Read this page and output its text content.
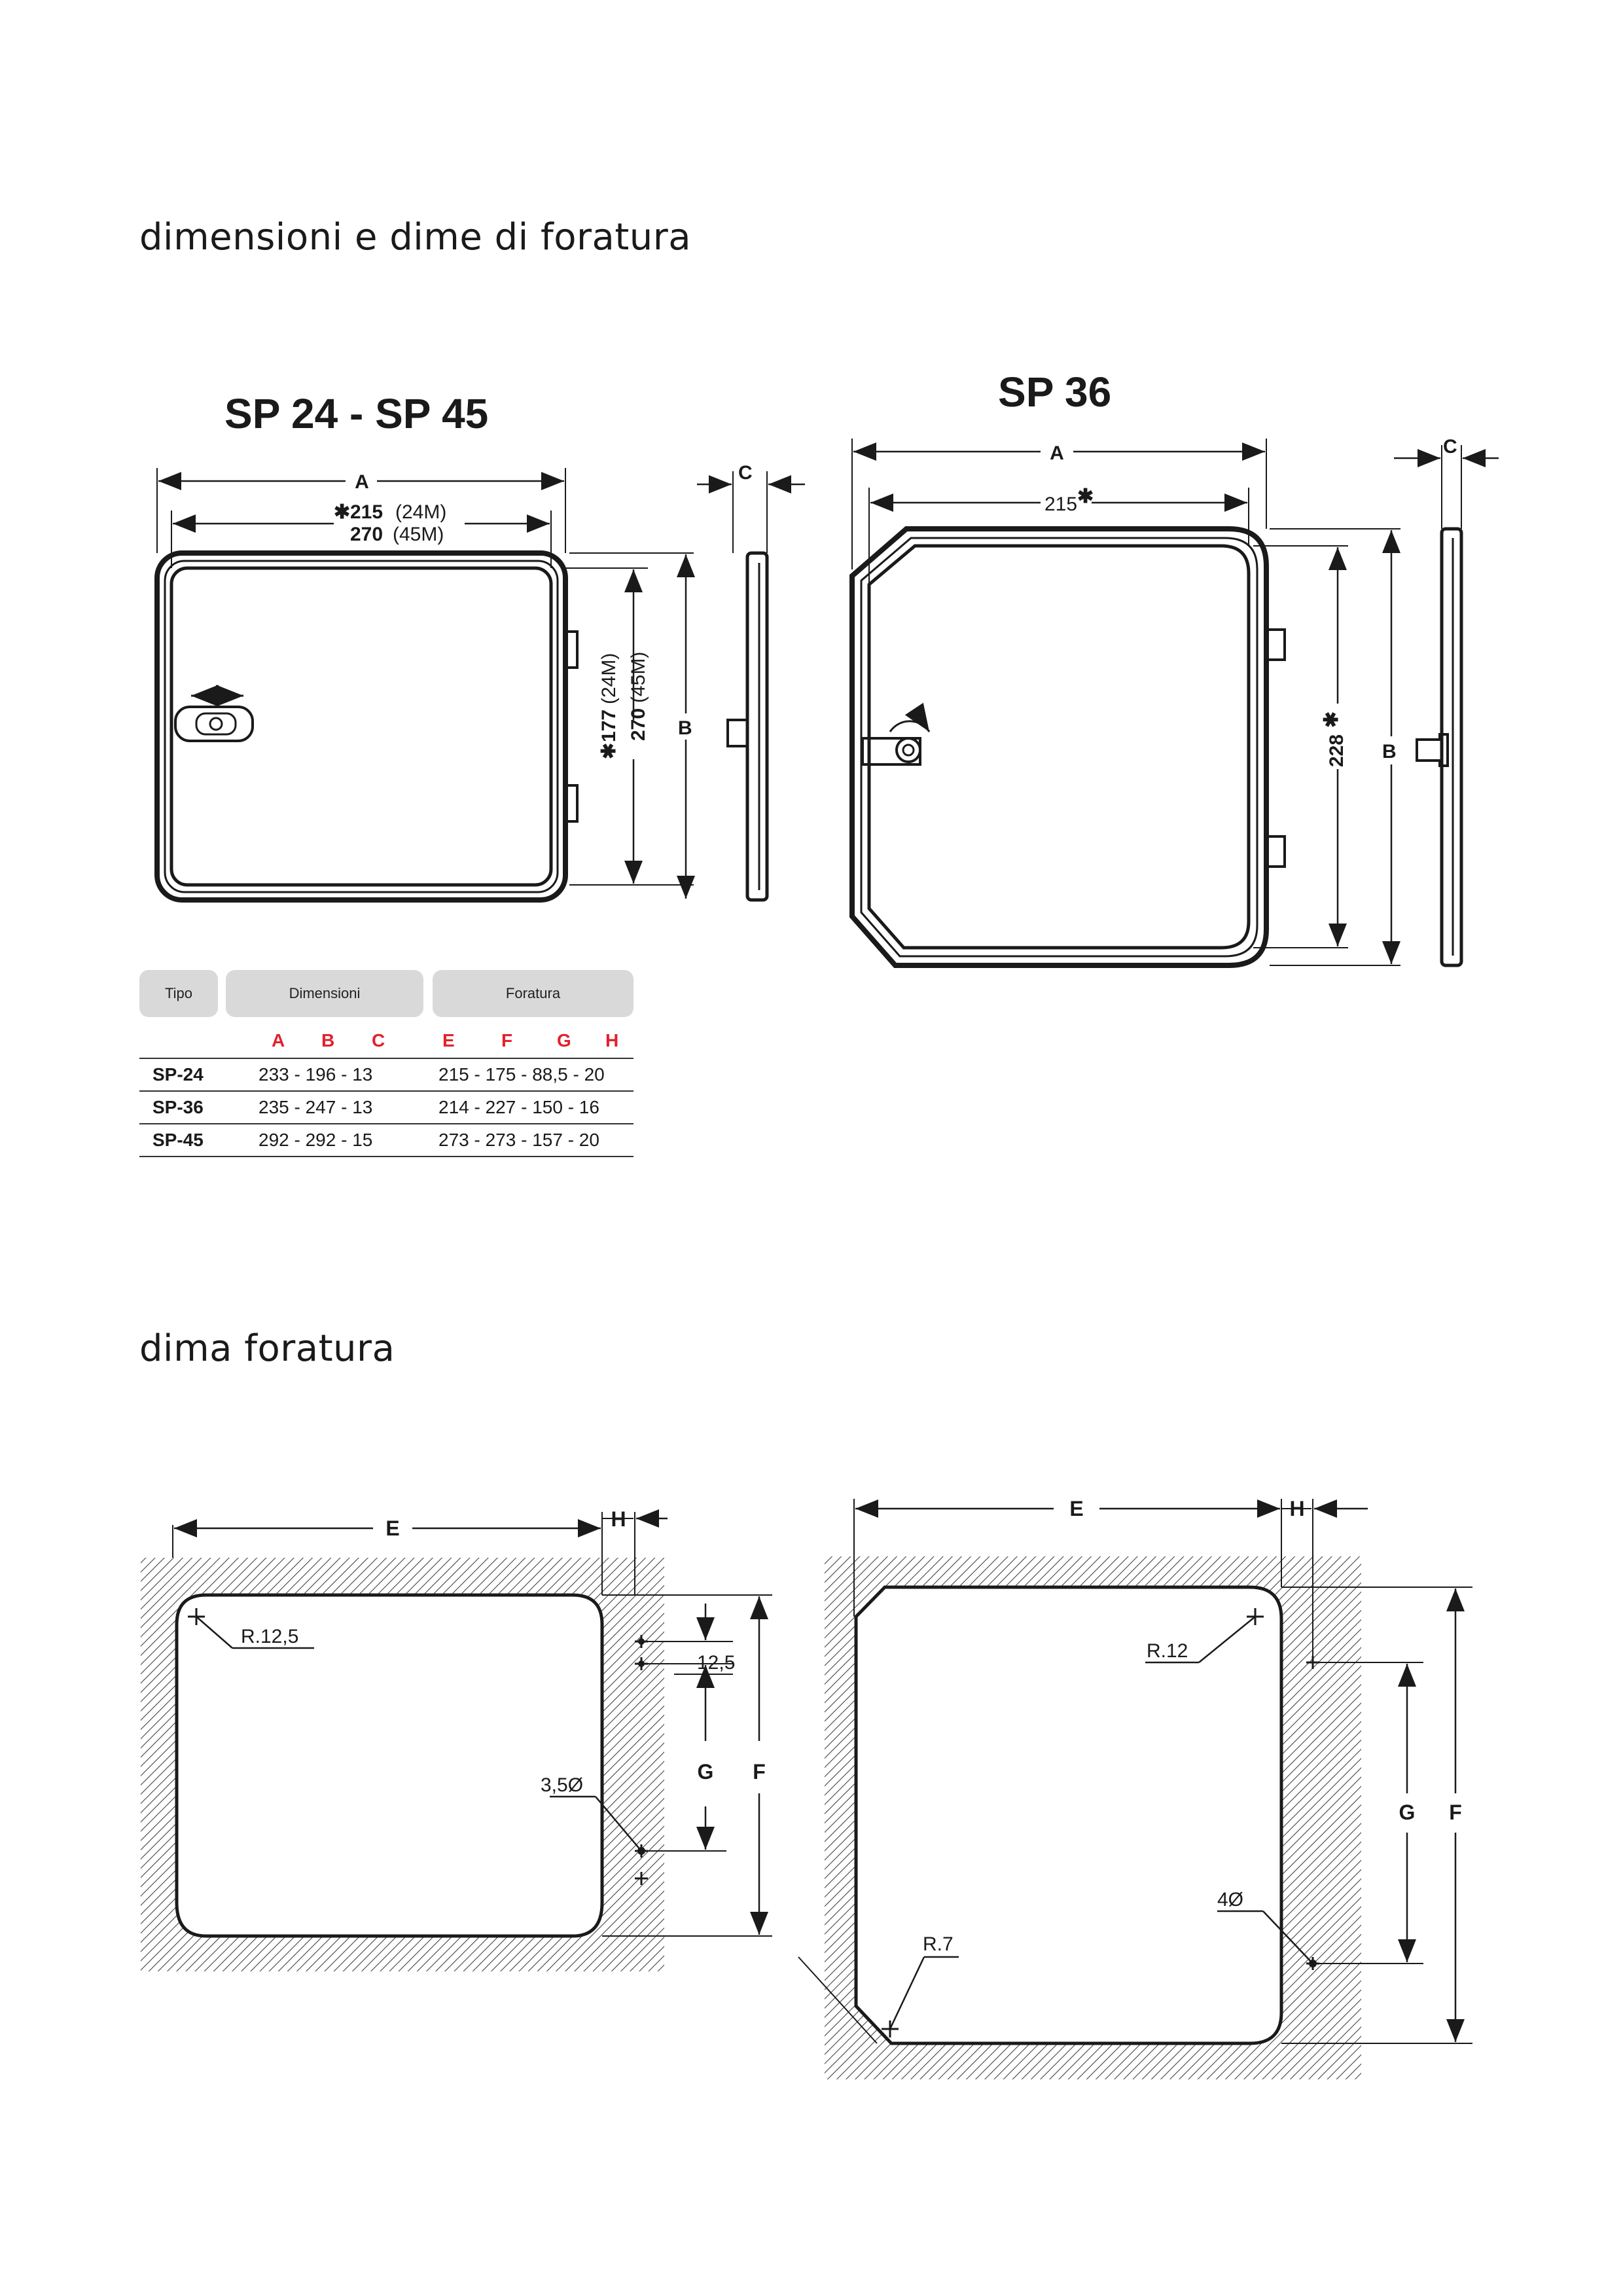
dimensioni e dime di foratura
dima foratura
SP 24 - SP 45	SP 36
A
✱ 215 (24M)
270 (45M)
✱
177
(24M)
270
(45M)
B
C
A
215 ✱
228
✱
B
C
E	H
R.12,5
12,5
G F
3,5Ø
E	H
R.12
G F
4Ø
R.7
Tipo	Dimensioni	Foratura
A B C	E	F G H
SP-24	233 - 196 - 13	215 - 175 - 88,5 - 20
SP-36	235 - 247 - 13	214 - 227 - 150 - 16
SP-45	292 - 292 - 15	273 - 273 - 157 - 20
